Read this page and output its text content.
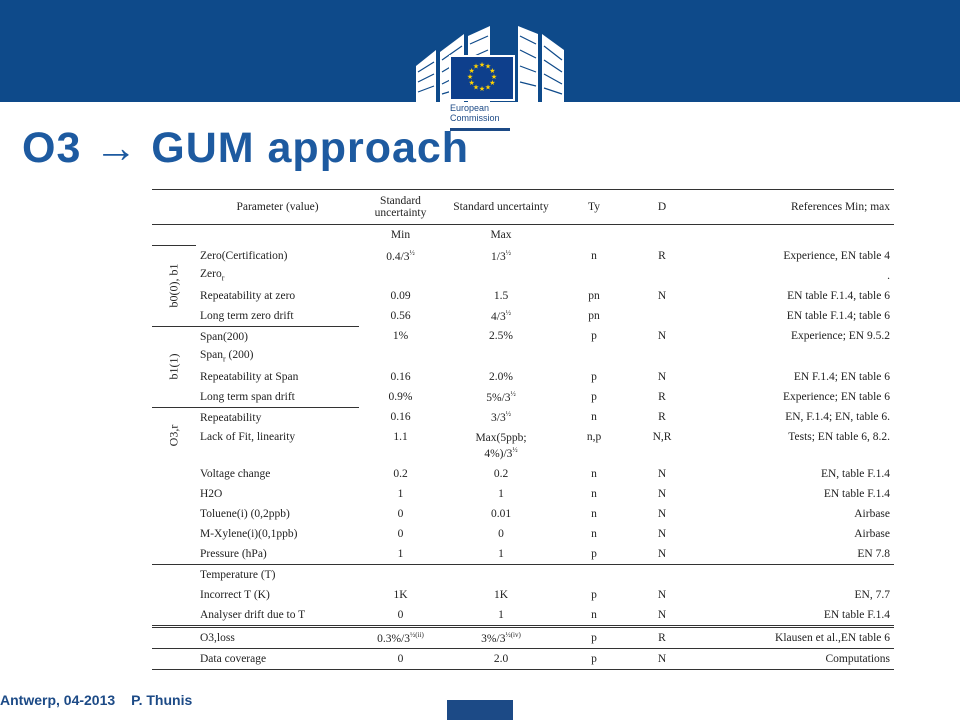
★ ★
★
★
★
★
★
★
★
★
★
★
European
Commission
O3 → GUM approach
	Parameter (value)	Standard uncertainty	Standard uncertainty	Ty	D	References Min; max
		Min	Max			
b0(0), b1	Zero(Certification)	$0.4/3^{\frac{1}{2}}$	$1/3^{\frac{1}{2}}$	n	R	Experience, EN table 4
	Zero$_r$					.
	Repeatability at zero	0.09	1.5	pn	N	EN table F.1.4, table 6
	Long term zero drift	0.56	$4/3^{\frac{1}{2}}$	pn		EN table F.1.4; table 6
b1(1)	Span(200)	1%	2.5%	p	N	Experience; EN 9.5.2
	Span$_r$ (200)					
	Repeatability at Span	0.16	2.0%	p	N	EN F.1.4; EN table 6
	Long term span drift	0.9%	$5\%/3^{\frac{1}{2}}$	p	R	Experience; EN table 6
O3,r	Repeatability	0.16	$3/3^{\frac{1}{2}}$	n	R	EN, F.1.4; EN, table 6.
	Lack of Fit, linearity	1.1	Max(5ppb;
$4\%)/3^{\frac{1}{2}}$	n,p	N,R	Tests; EN table 6, 8.2.
	Voltage change	0.2	0.2	n	N	EN, table F.1.4
	H2O	1	1	n	N	EN table F.1.4
	Toluene(i) (0,2ppb)	0	0.01	n	N	Airbase
	M-Xylene(i)(0,1ppb)	0	0	n	N	Airbase
	Pressure (hPa)	1	1	p	N	EN 7.8
	Temperature (T)					
	Incorrect T (K)	1K	1K	p	N	EN, 7.7
	Analyser drift due to T	0	1	n	N	EN table F.1.4
	O3,loss	$0.3\%/3^{\frac{1}{2}(ii)}$	$3\%/3^{\frac{1}{2}(iv)}$	p	R	Klausen et al.,EN table 6
	Data coverage	0	2.0	p	N	Computations
Antwerp, 04-2013 P. Thunis
